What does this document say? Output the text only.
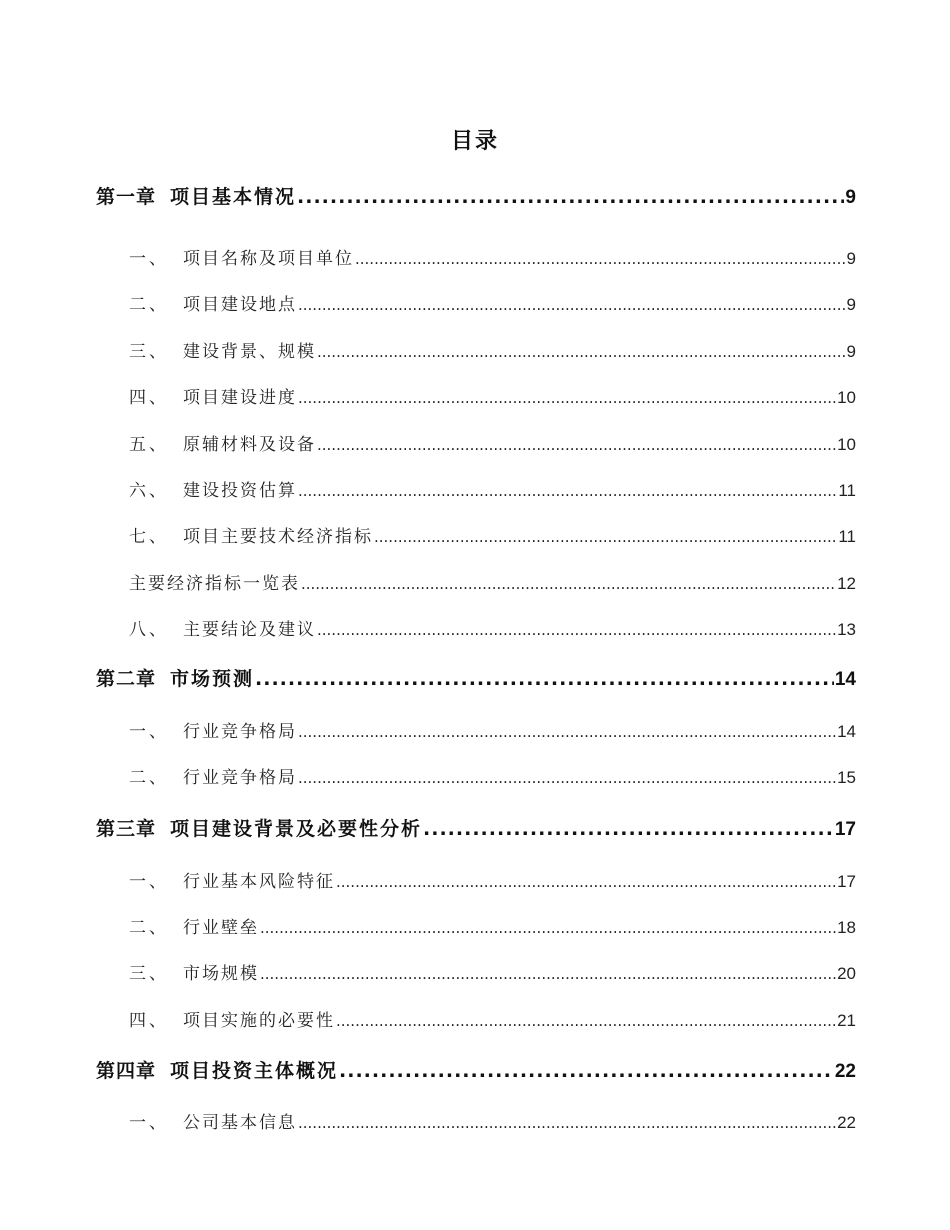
目录
第一章 项目基本情况 .....	9
一、 项目名称及项目单位 .....	9
二、 项目建设地点 .....	9
三、 建设背景、规模 .....	9
四、 项目建设进度 .....	10
五、 原辅材料及设备 .....	10
六、 建设投资估算 .....	11
七、 项目主要技术经济指标 .....	11
主要经济指标一览表 .....	12
八、 主要结论及建议 .....	13
第二章 市场预测 .....	14
一、 行业竞争格局 .....	14
二、 行业竞争格局 .....	15
第三章 项目建设背景及必要性分析 .....	17
一、 行业基本风险特征 .....	17
二、 行业壁垒 .....	18
三、 市场规模 .....	20
四、 项目实施的必要性 .....	21
第四章 项目投资主体概况 .....	22
一、 公司基本信息 .....	22
